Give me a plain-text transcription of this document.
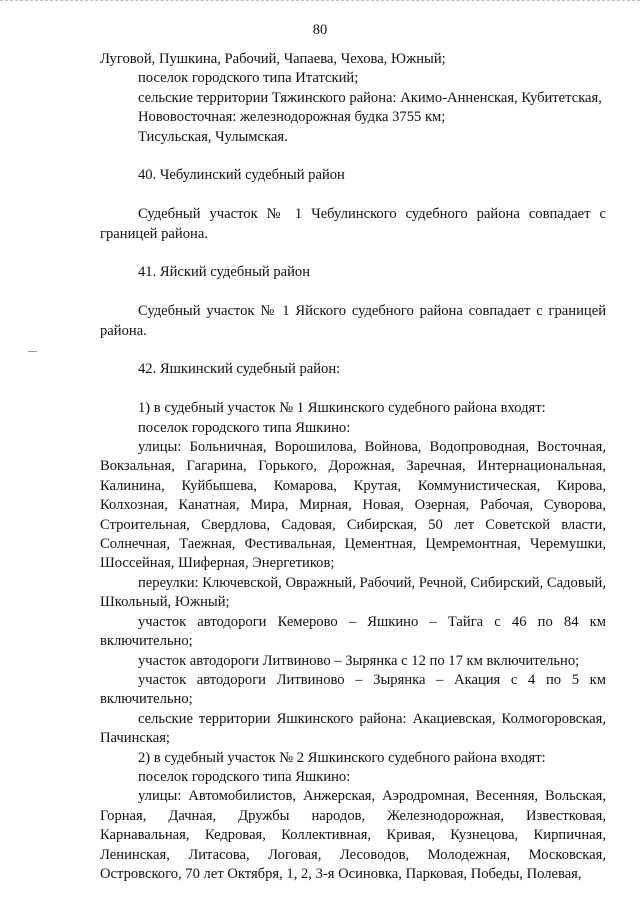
80

Луговой, Пушкина, Рабочий, Чапаева, Чехова, Южный;

поселок городского типа Итатский;

сельские территории Тяжинского района: Акимо-Анненская, Кубитетская,

Нововосточная: железнодорожная будка 3755 км;

Тисульская, Чулымская.

40. Чебулинский судебный район

Судебный участок № 1 Чебулинского судебного района совпадает с границей района.

41. Яйский судебный район

Судебный участок № 1 Яйского судебного района совпадает с границей района.

42. Яшкинский судебный район:

1) в судебный участок № 1 Яшкинского судебного района входят:

поселок городского типа Яшкино:

улицы: Больничная, Ворошилова, Войнова, Водопроводная, Восточная, Вокзальная, Гагарина, Горького, Дорожная, Заречная, Интернациональная, Калинина, Куйбышева, Комарова, Крутая, Коммунистическая, Кирова, Колхозная, Канатная, Мира, Мирная, Новая, Озерная, Рабочая, Суворова, Строительная, Свердлова, Садовая, Сибирская, 50 лет Советской власти, Солнечная, Таежная, Фестивальная, Цементная, Цемремонтная, Черемушки, Шоссейная, Шиферная, Энергетиков;

переулки: Ключевской, Овражный, Рабочий, Речной, Сибирский, Садовый, Школьный, Южный;

участок автодороги Кемерово – Яшкино – Тайга с 46 по 84 км включительно;

участок автодороги Литвиново – Зырянка с 12 по 17 км включительно;

участок автодороги Литвиново – Зырянка – Акация с 4 по 5 км включительно;

сельские территории Яшкинского района: Акациевская, Колмогоровская, Пачинская;

2) в судебный участок № 2 Яшкинского судебного района входят:

поселок городского типа Яшкино:

улицы: Автомобилистов, Анжерская, Аэродромная, Весенняя, Вольская, Горная, Дачная, Дружбы народов, Железнодорожная, Известковая, Карнавальная, Кедровая, Коллективная, Кривая, Кузнецова, Кирпичная, Ленинская, Литасова, Логовая, Лесоводов, Молодежная, Московская, Островского, 70 лет Октября, 1, 2, 3-я Осиновка, Парковая, Победы, Полевая,
